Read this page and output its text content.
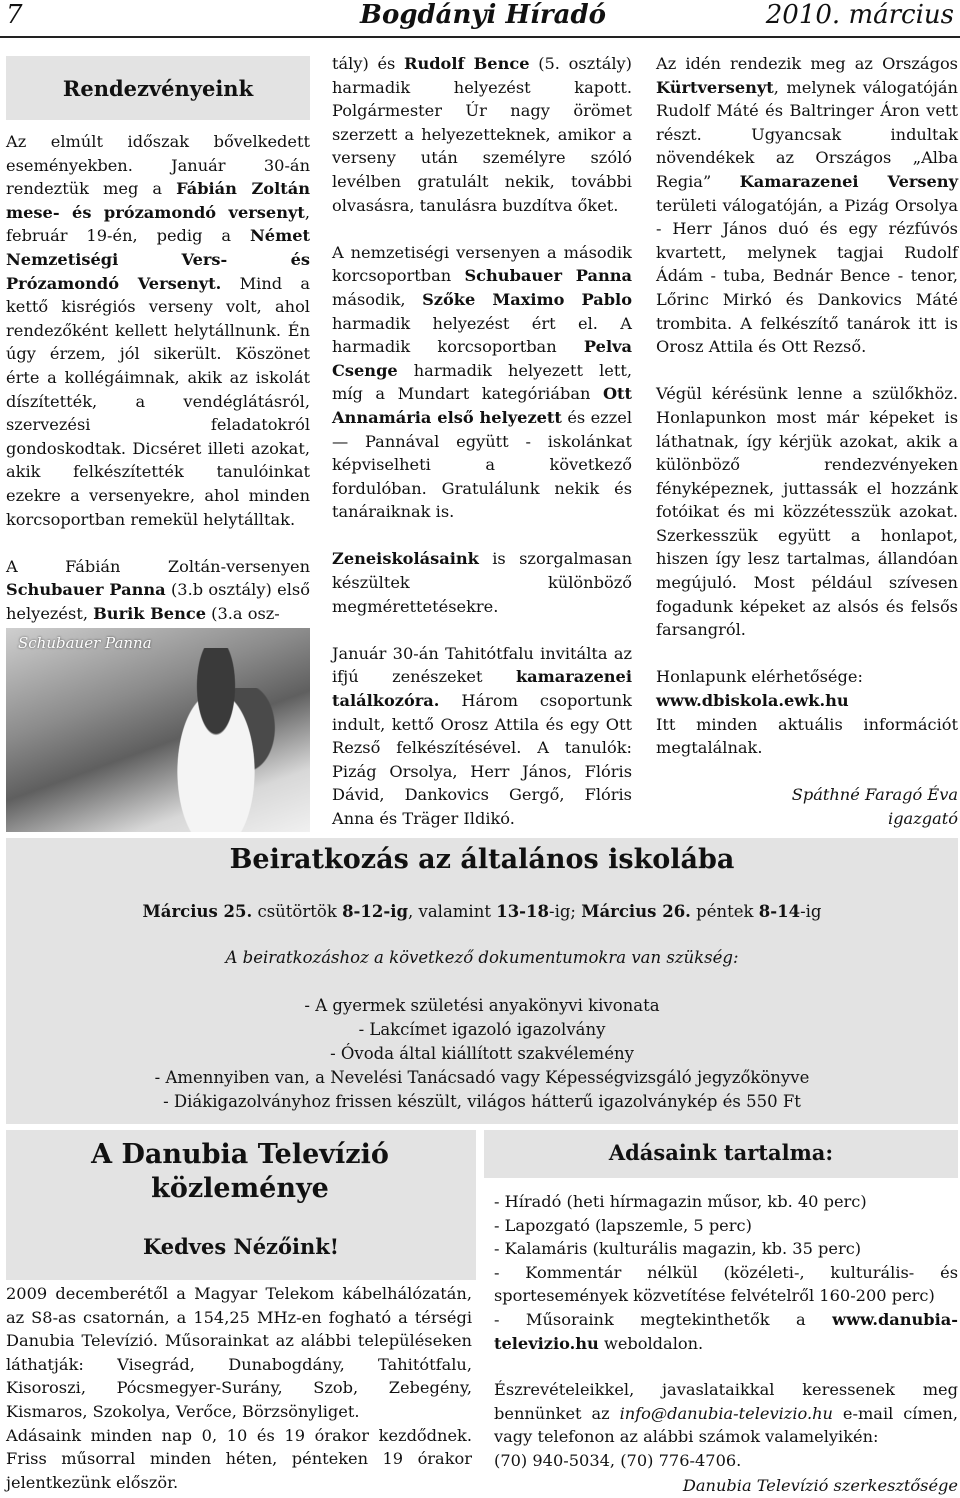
7	Bogdányi Híradó	2010. március
Rendezvényeink

Az elmúlt időszak bővelkedett eseményekben. Január 30-án rendeztük meg a Fábián Zoltán mese- és prózamondó versenyt, február 19-én, pedig a Német Nemzetiségi Vers- és Prózamondó Versenyt. Mind a kettő kisrégiós verseny volt, ahol rendezőként kellett helytállnunk. Én úgy érzem, jól sikerült. Köszönet érte a kollégáimnak, akik az iskolát díszítették, a vendéglátásról, szervezési feladatokról gondoskodtak. Dicséret illeti azokat, akik felkészítették tanulóinkat ezekre a versenyekre, ahol minden korcsoportban remekül helytálltak.

A Fábián Zoltán-versenyen Schubauer Panna (3.b osztály) első helyezést, Burik Bence (3.a osz-

Schubauer Panna

tály) és Rudolf Bence (5. osztály) harmadik helyezést kapott. Polgármester Úr nagy örömet szerzett a helyezetteknek, amikor a verseny után személyre szóló levélben gratulált nekik, további olvasásra, tanulásra buzdítva őket.

A nemzetiségi versenyen a második korcsoportban Schubauer Panna második, Szőke Maximo Pablo harmadik helyezést ért el. A harmadik korcsoportban Pelva Csenge harmadik helyezett lett, míg a Mundart kategóriában Ott Annamária első helyezett és ezzel — Pannával együtt - iskolánkat képviselheti a következő fordulóban. Gratulálunk nekik és tanáraiknak is.

Zeneiskolásaink is szorgalmasan készültek különböző megmérettetésekre.

Január 30-án Tahitótfalu invitálta az ifjú zenészeket kamarazenei találkozóra. Három csoportunk indult, kettő Orosz Attila és egy Ott Rezső felkészítésével. A tanulók: Pizág Orsolya, Herr János, Flóris Dávid, Dankovics Gergő, Flóris Anna és Träger Ildikó.

Az idén rendezik meg az Országos Kürtversenyt, melynek válogatóján Rudolf Máté és Baltringer Áron vett részt. Ugyancsak indultak növendékek az Országos „Alba Regia” Kamarazenei Verseny területi válogatóján, a Pizág Orsolya - Herr János duó és egy rézfúvós kvartett, melynek tagjai Rudolf Ádám - tuba, Bednár Bence - tenor, Lőrinc Mirkó és Dankovics Máté trombita. A felkészítő tanárok itt is Orosz Attila és Ott Rezső.

Végül kérésünk lenne a szülőkhöz. Honlapunkon most már képeket is láthatnak, így kérjük azokat, akik a különböző rendezvényeken fényképeznek, juttassák el hozzánk fotóikat és mi közzétesszük azokat. Szerkesszük együtt a honlapot, hiszen így lesz tartalmas, állandóan megújuló. Most például szívesen fogadunk képeket az alsós és felsős farsangról.

Honlapunk elérhetősége:
www.dbiskola.ewk.hu
Itt minden aktuális információt megtalálnak.

Spáthné Faragó Éva
igazgató
Beiratkozás az általános iskolába
Március 25. csütörtök 8-12-ig, valamint 13-18-ig; Március 26. péntek 8-14-ig
A beiratkozáshoz a következő dokumentumokra van szükség:
- A gyermek születési anyakönyvi kivonata
- Lakcímet igazoló igazolvány
- Óvoda által kiállított szakvélemény
- Amennyiben van, a Nevelési Tanácsadó vagy Képességvizsgáló jegyzőkönyve
- Diákigazolványhoz frissen készült, világos hátterű igazolványkép és 550 Ft
A Danubia Televízió közleménye
Kedves Nézőink!
2009 decemberétől a Magyar Telekom kábelhálózatán, az S8-as csatornán, a 154,25 MHz-en fogható a térségi Danubia Televízió. Műsorainkat az alábbi településeken láthatják: Visegrád, Dunabogdány, Tahitótfalu, Kisoroszi, Pócsmegyer-Surány, Szob, Zebegény, Kismaros, Szokolya, Verőce, Börzsönyliget.
Adásaink minden nap 0, 10 és 19 órakor kezdődnek. Friss műsorral minden héten, pénteken 19 órakor jelentkezünk először.
Adásaink tartalma:
- Híradó (heti hírmagazin műsor, kb. 40 perc)
- Lapozgató (lapszemle, 5 perc)
- Kalamáris (kulturális magazin, kb. 35 perc)
- Kommentár nélkül (közéleti-, kulturális- és sportesemények közvetítése felvételről 160-200 perc)
- Műsoraink megtekinthetők a www.danubia-televizio.hu weboldalon.
Észrevételeikkel, javaslataikkal keressenek meg bennünket az info@danubia-televizio.hu e-mail címen, vagy telefonon az alábbi számok valamelyikén:
(70) 940-5034, (70) 776-4706.
Danubia Televízió szerkesztősége
